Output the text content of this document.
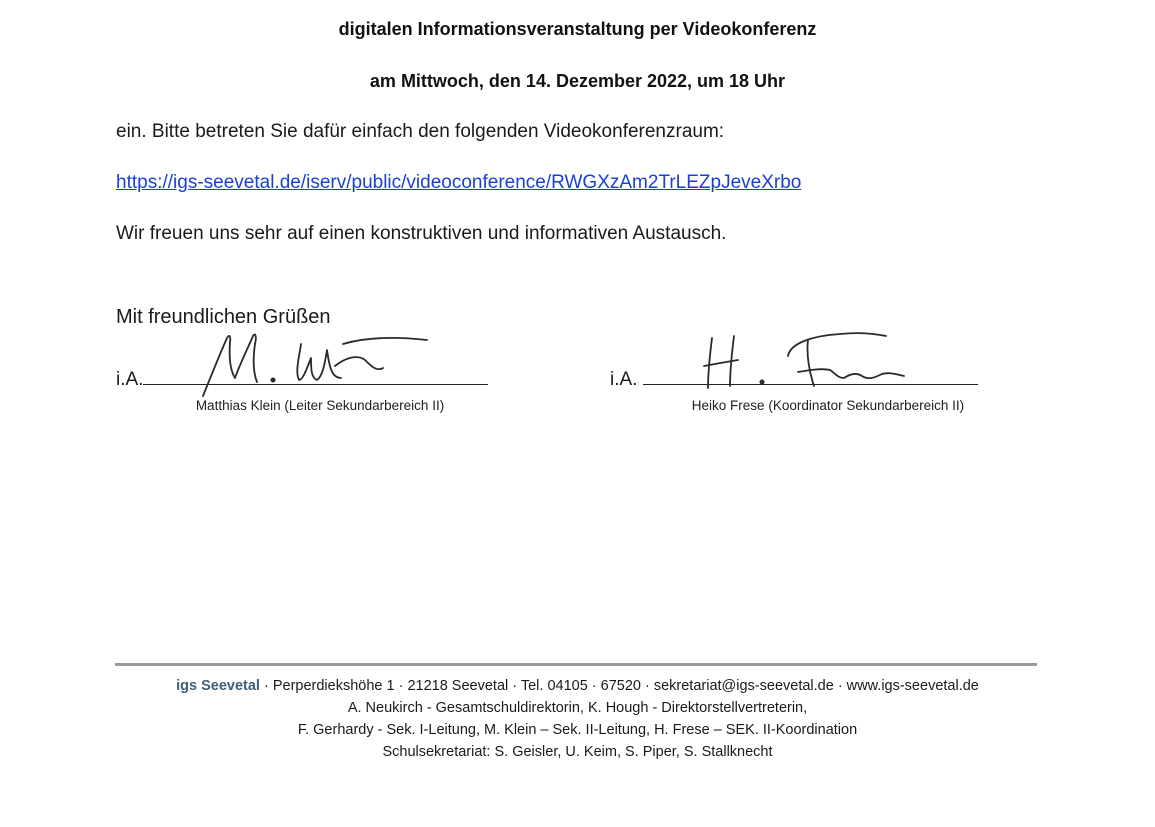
digitalen Informationsveranstaltung per Videokonferenz
am Mittwoch, den 14. Dezember 2022, um 18 Uhr
ein. Bitte betreten Sie dafür einfach den folgenden Videokonferenzraum:
https://igs-seevetal.de/iserv/public/videoconference/RWGXzAm2TrLEZpJeveXrbo
Wir freuen uns sehr auf einen konstruktiven und informativen Austausch.
Mit freundlichen Grüßen
i.A.
Matthias Klein (Leiter Sekundarbereich II)
i.A.
Heiko Frese (Koordinator Sekundarbereich II)
igs Seevetal · Perperdiekshöhe 1 · 21218 Seevetal · Tel. 04105 · 67520 · sekretariat@igs-seevetal.de · www.igs-seevetal.de
A. Neukirch - Gesamtschuldirektorin, K. Hough - Direktorstellvertreterin,
F. Gerhardy - Sek. I-Leitung, M. Klein – Sek. II-Leitung, H. Frese – SEK. II-Koordination
Schulsekretariat: S. Geisler, U. Keim, S. Piper, S. Stallknecht
